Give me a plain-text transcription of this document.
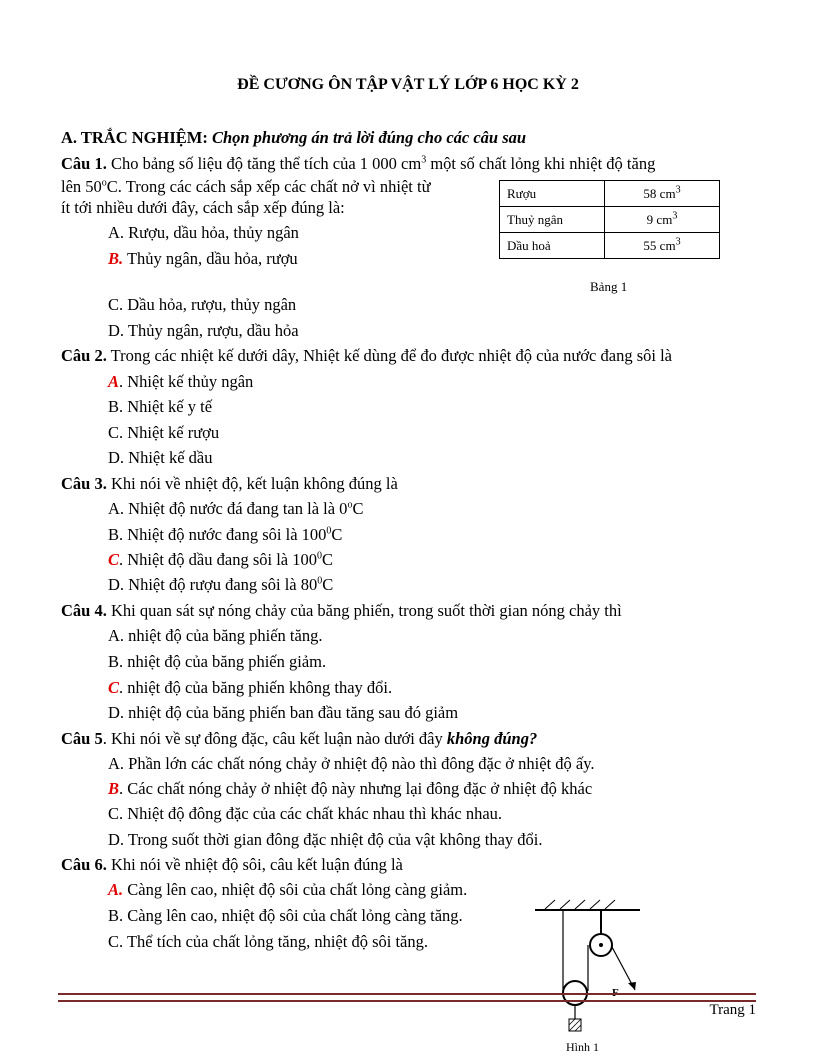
ĐỀ CƯƠNG ÔN TẬP VẬT LÝ LỚP 6 HỌC KỲ 2
A. TRẮC NGHIỆM: Chọn phương án trả lời đúng cho các câu sau
Câu 1. Cho bảng số liệu độ tăng thể tích của 1 000 $cm^3$ một số chất lỏng khi nhiệt độ tăng
lên 50$^o$C. Trong các cách sắp xếp các chất nở vì nhiệt từ
ít tới nhiều dưới đây, cách sắp xếp đúng là:
A. Rượu, dầu hỏa, thủy ngân
B. Thủy ngân, dầu hỏa, rượu
C. Dầu hỏa, rượu, thủy ngân
D. Thủy ngân, rượu, dầu hỏa
Rượu	58 $cm^3$
Thuỷ ngân	9 $cm^3$
Dầu hoả	55 $cm^3$
Bảng 1
Câu 2. Trong các nhiệt kế dưới dây, Nhiệt kế dùng để đo được nhiệt độ của nước đang sôi là
A. Nhiệt kế thủy ngân
B. Nhiệt kế y tế
C. Nhiệt kế rượu
D. Nhiệt kế dầu
Câu 3. Khi nói về nhiệt độ, kết luận không đúng là
A. Nhiệt độ nước đá đang tan là là 0$^o$C
B. Nhiệt độ nước đang sôi là $100^0C$
C. Nhiệt độ dầu đang sôi là $100^0C$
D. Nhiệt độ rượu đang sôi là $80^0C$
Câu 4. Khi quan sát sự nóng chảy của băng phiến, trong suốt thời gian nóng chảy thì
A. nhiệt độ của băng phiến tăng.
B. nhiệt độ của băng phiến giảm.
C. nhiệt độ của băng phiến không thay đổi.
D. nhiệt độ của băng phiến ban đầu tăng sau đó giảm
Câu 5. Khi nói về sự đông đặc, câu kết luận nào dưới đây không đúng?
A. Phần lớn các chất nóng chảy ở nhiệt độ nào thì đông đặc ở nhiệt độ ấy.
B. Các chất nóng chảy ở nhiệt độ này nhưng lại đông đặc ở nhiệt độ khác
C. Nhiệt độ đông đặc của các chất khác nhau thì khác nhau.
D. Trong suốt thời gian đông đặc nhiệt độ của vật không thay đổi.
Câu 6. Khi nói về nhiệt độ sôi, câu kết luận đúng là
A. Càng lên cao, nhiệt độ sôi của chất lỏng càng giảm.
B. Càng lên cao, nhiệt độ sôi của chất lỏng càng tăng.
C. Thể tích của chất lỏng tăng, nhiệt độ sôi tăng.
F
Trang 1
Hình 1
